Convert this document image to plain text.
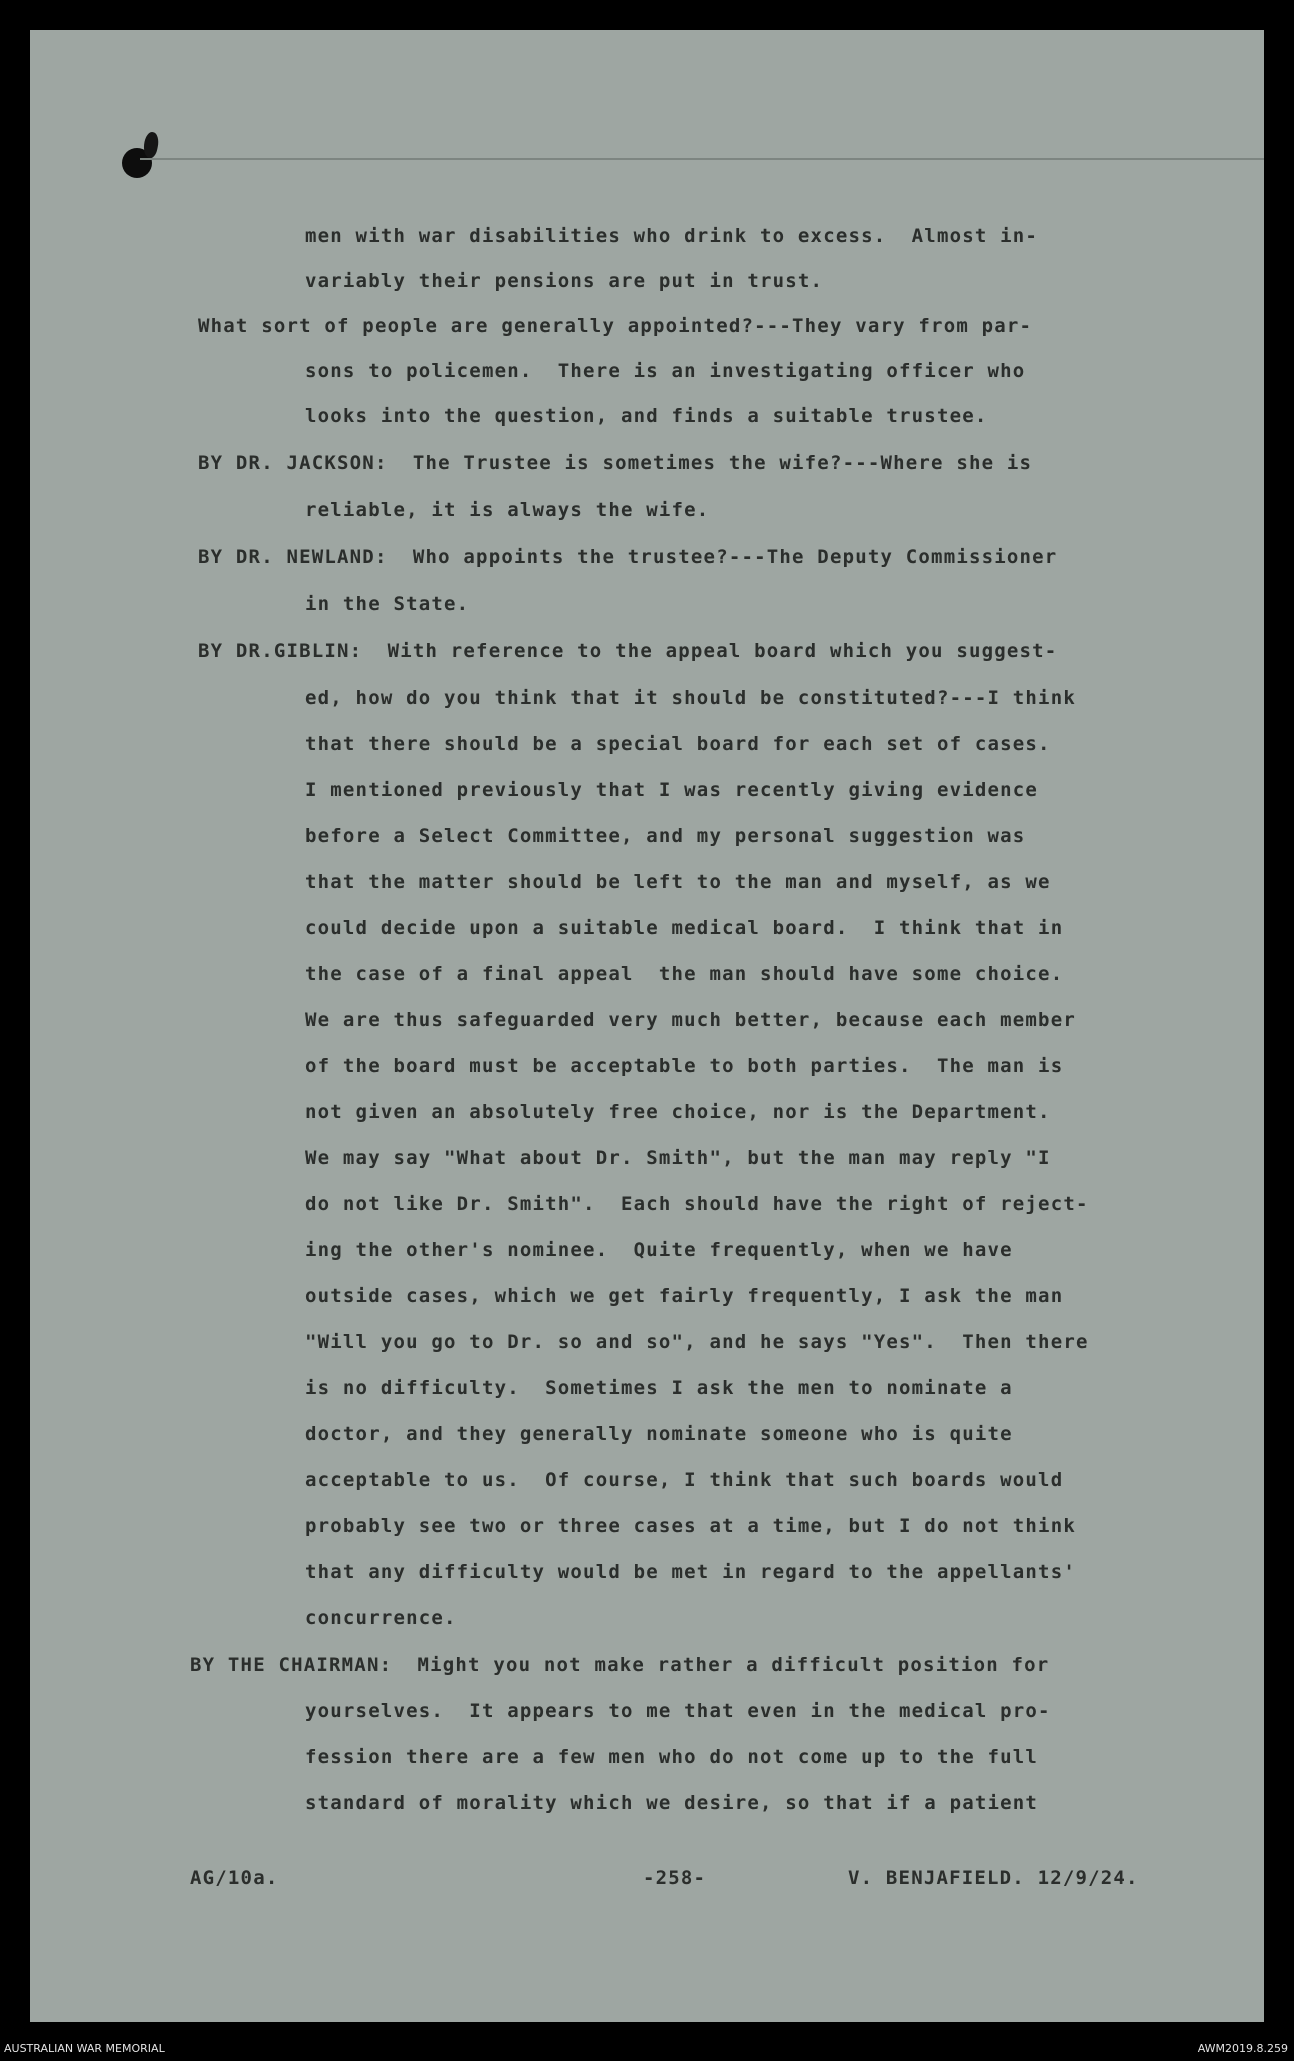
men with war disabilities who drink to excess.  Almost in-

variably their pensions are put in trust.

What sort of people are generally appointed?---They vary from par-

sons to policemen.  There is an investigating officer who

looks into the question, and finds a suitable trustee.

BY DR. JACKSON:  The Trustee is sometimes the wife?---Where she is

reliable, it is always the wife.

BY DR. NEWLAND:  Who appoints the trustee?---The Deputy Commissioner

in the State.

BY DR.GIBLIN:  With reference to the appeal board which you suggest-

ed, how do you think that it should be constituted?---I think

that there should be a special board for each set of cases.

I mentioned previously that I was recently giving evidence

before a Select Committee, and my personal suggestion was

that the matter should be left to the man and myself, as we

could decide upon a suitable medical board.  I think that in

the case of a final appeal  the man should have some choice.

We are thus safeguarded very much better, because each member

of the board must be acceptable to both parties.  The man is

not given an absolutely free choice, nor is the Department.

We may say "What about Dr. Smith", but the man may reply "I

do not like Dr. Smith".  Each should have the right of reject-

ing the other's nominee.  Quite frequently, when we have

outside cases, which we get fairly frequently, I ask the man

"Will you go to Dr. so and so", and he says "Yes".  Then there

is no difficulty.  Sometimes I ask the men to nominate a

doctor, and they generally nominate someone who is quite

acceptable to us.  Of course, I think that such boards would

probably see two or three cases at a time, but I do not think

that any difficulty would be met in regard to the appellants'

concurrence.

BY THE CHAIRMAN:  Might you not make rather a difficult position for

yourselves.  It appears to me that even in the medical pro-

fession there are a few men who do not come up to the full

standard of morality which we desire, so that if a patient

AG/10a.	-258-	V. BENJAFIELD. 12/9/24.

AUSTRALIAN WAR MEMORIAL	AWM2019.8.259
